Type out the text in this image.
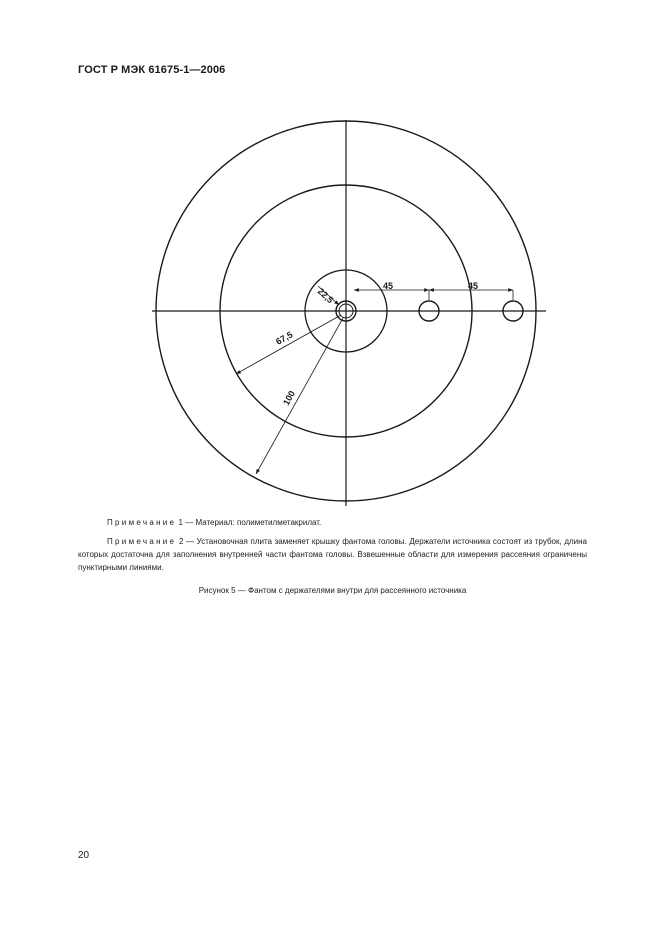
ГОСТ Р МЭК 61675-1—2006
45	45
22,5
67,5
100
Примечание 1 — Материал: полиметилметакрилат.
Примечание 2 — Установочная плита заменяет крышку фантома головы. Держатели источника состоят из трубок, длина которых достаточна для заполнения внутренней части фантома головы. Взвешенные области для измерения рассеяния ограничены пунктирными линиями.
Рисунок 5 — Фантом с держателями внутри для рассеянного источника
20
